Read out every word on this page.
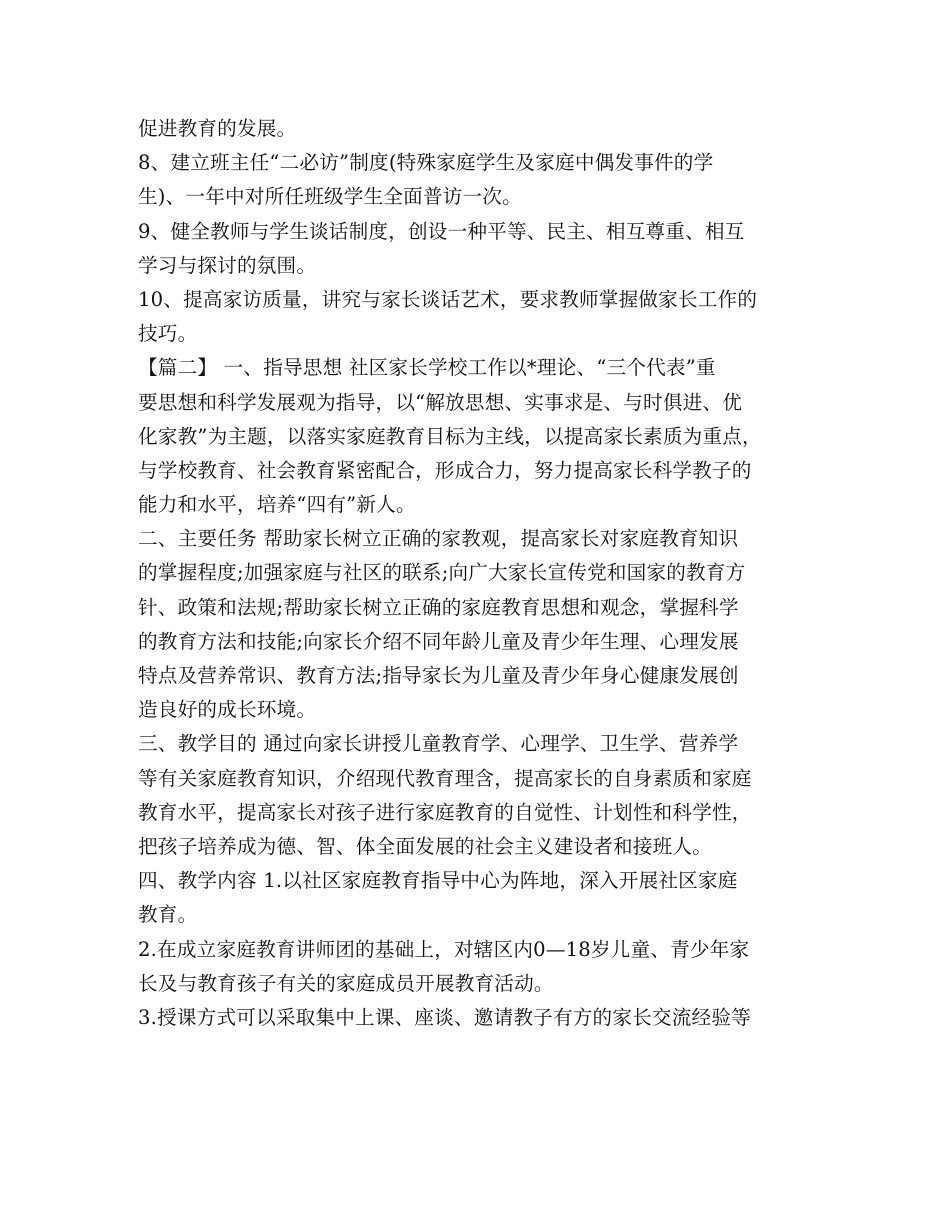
促进教育的发展。
8、建立班主任“二必访”制度(特殊家庭学生及家庭中偶发事件的学
生)、一年中对所任班级学生全面普访一次。
9、健全教师与学生谈话制度，创设一种平等、民主、相互尊重、相互
学习与探讨的氛围。
10、提高家访质量，讲究与家长谈话艺术，要求教师掌握做家长工作的
技巧。
【篇二】 一、指导思想 社区家长学校工作以*理论、“三个代表”重
要思想和科学发展观为指导，以“解放思想、实事求是、与时俱进、优
化家教”为主题，以落实家庭教育目标为主线，以提高家长素质为重点，
与学校教育、社会教育紧密配合，形成合力，努力提高家长科学教子的
能力和水平，培养“四有”新人。
二、主要任务 帮助家长树立正确的家教观，提高家长对家庭教育知识
的掌握程度;加强家庭与社区的联系;向广大家长宣传党和国家的教育方
针、政策和法规;帮助家长树立正确的家庭教育思想和观念，掌握科学
的教育方法和技能;向家长介绍不同年龄儿童及青少年生理、心理发展
特点及营养常识、教育方法;指导家长为儿童及青少年身心健康发展创
造良好的成长环境。
三、教学目的 通过向家长讲授儿童教育学、心理学、卫生学、营养学
等有关家庭教育知识，介绍现代教育理含，提高家长的自身素质和家庭
教育水平，提高家长对孩子进行家庭教育的自觉性、计划性和科学性，
把孩子培养成为德、智、体全面发展的社会主义建设者和接班人。
四、教学内容 1.以社区家庭教育指导中心为阵地，深入开展社区家庭
教育。
2.在成立家庭教育讲师团的基础上，对辖区内0—18岁儿童、青少年家
长及与教育孩子有关的家庭成员开展教育活动。
3.授课方式可以采取集中上课、座谈、邀请教子有方的家长交流经验等
